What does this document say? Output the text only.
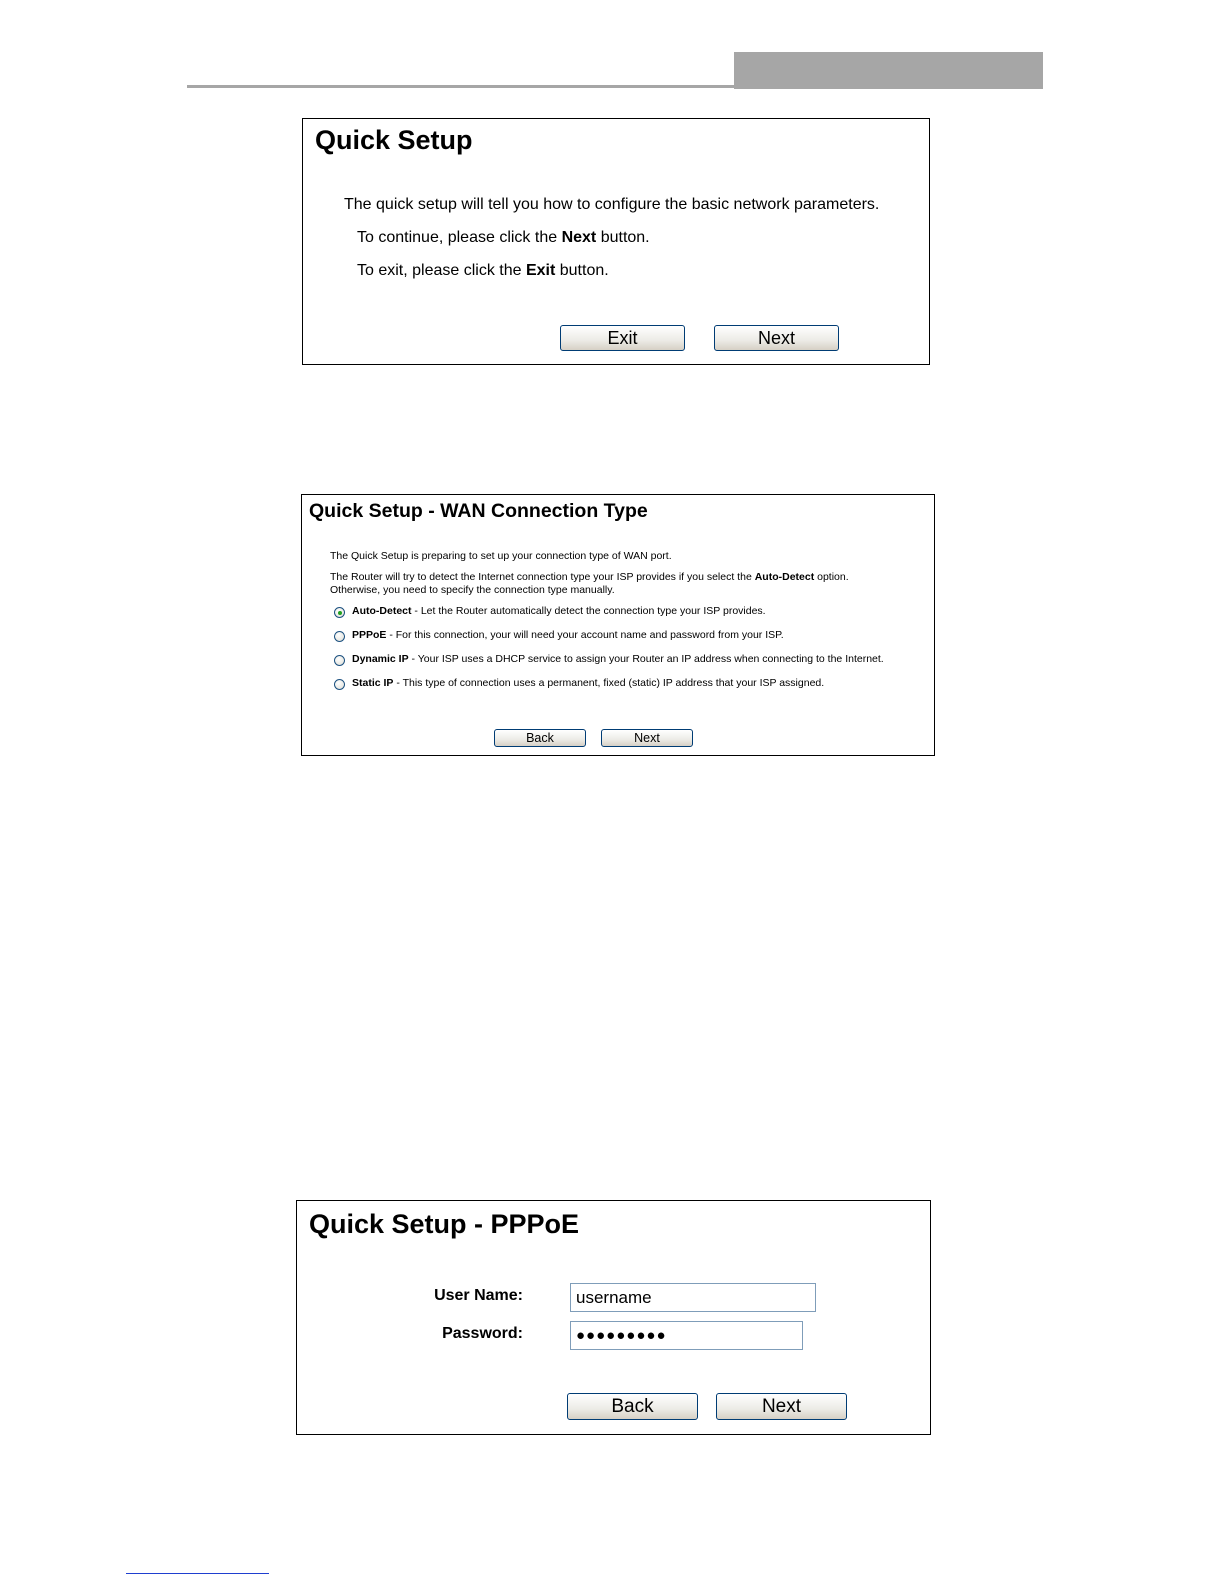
Quick Setup
The quick setup will tell you how to configure the basic network parameters.
To continue, please click the Next button.
To exit, please click the Exit button.
Exit	Next
Quick Setup - WAN Connection Type
The Quick Setup is preparing to set up your connection type of WAN port.
The Router will try to detect the Internet connection type your ISP provides if you select the Auto-Detect option.
Otherwise, you need to specify the connection type manually.
Auto-Detect - Let the Router automatically detect the connection type your ISP provides.
PPPoE - For this connection, your will need your account name and password from your ISP.
Dynamic IP - Your ISP uses a DHCP service to assign your Router an IP address when connecting to the Internet.
Static IP - This type of connection uses a permanent, fixed (static) IP address that your ISP assigned.
Back	Next
Quick Setup - PPPoE
User Name:
username
Password:
●●●●●●●●●
Back	Next
